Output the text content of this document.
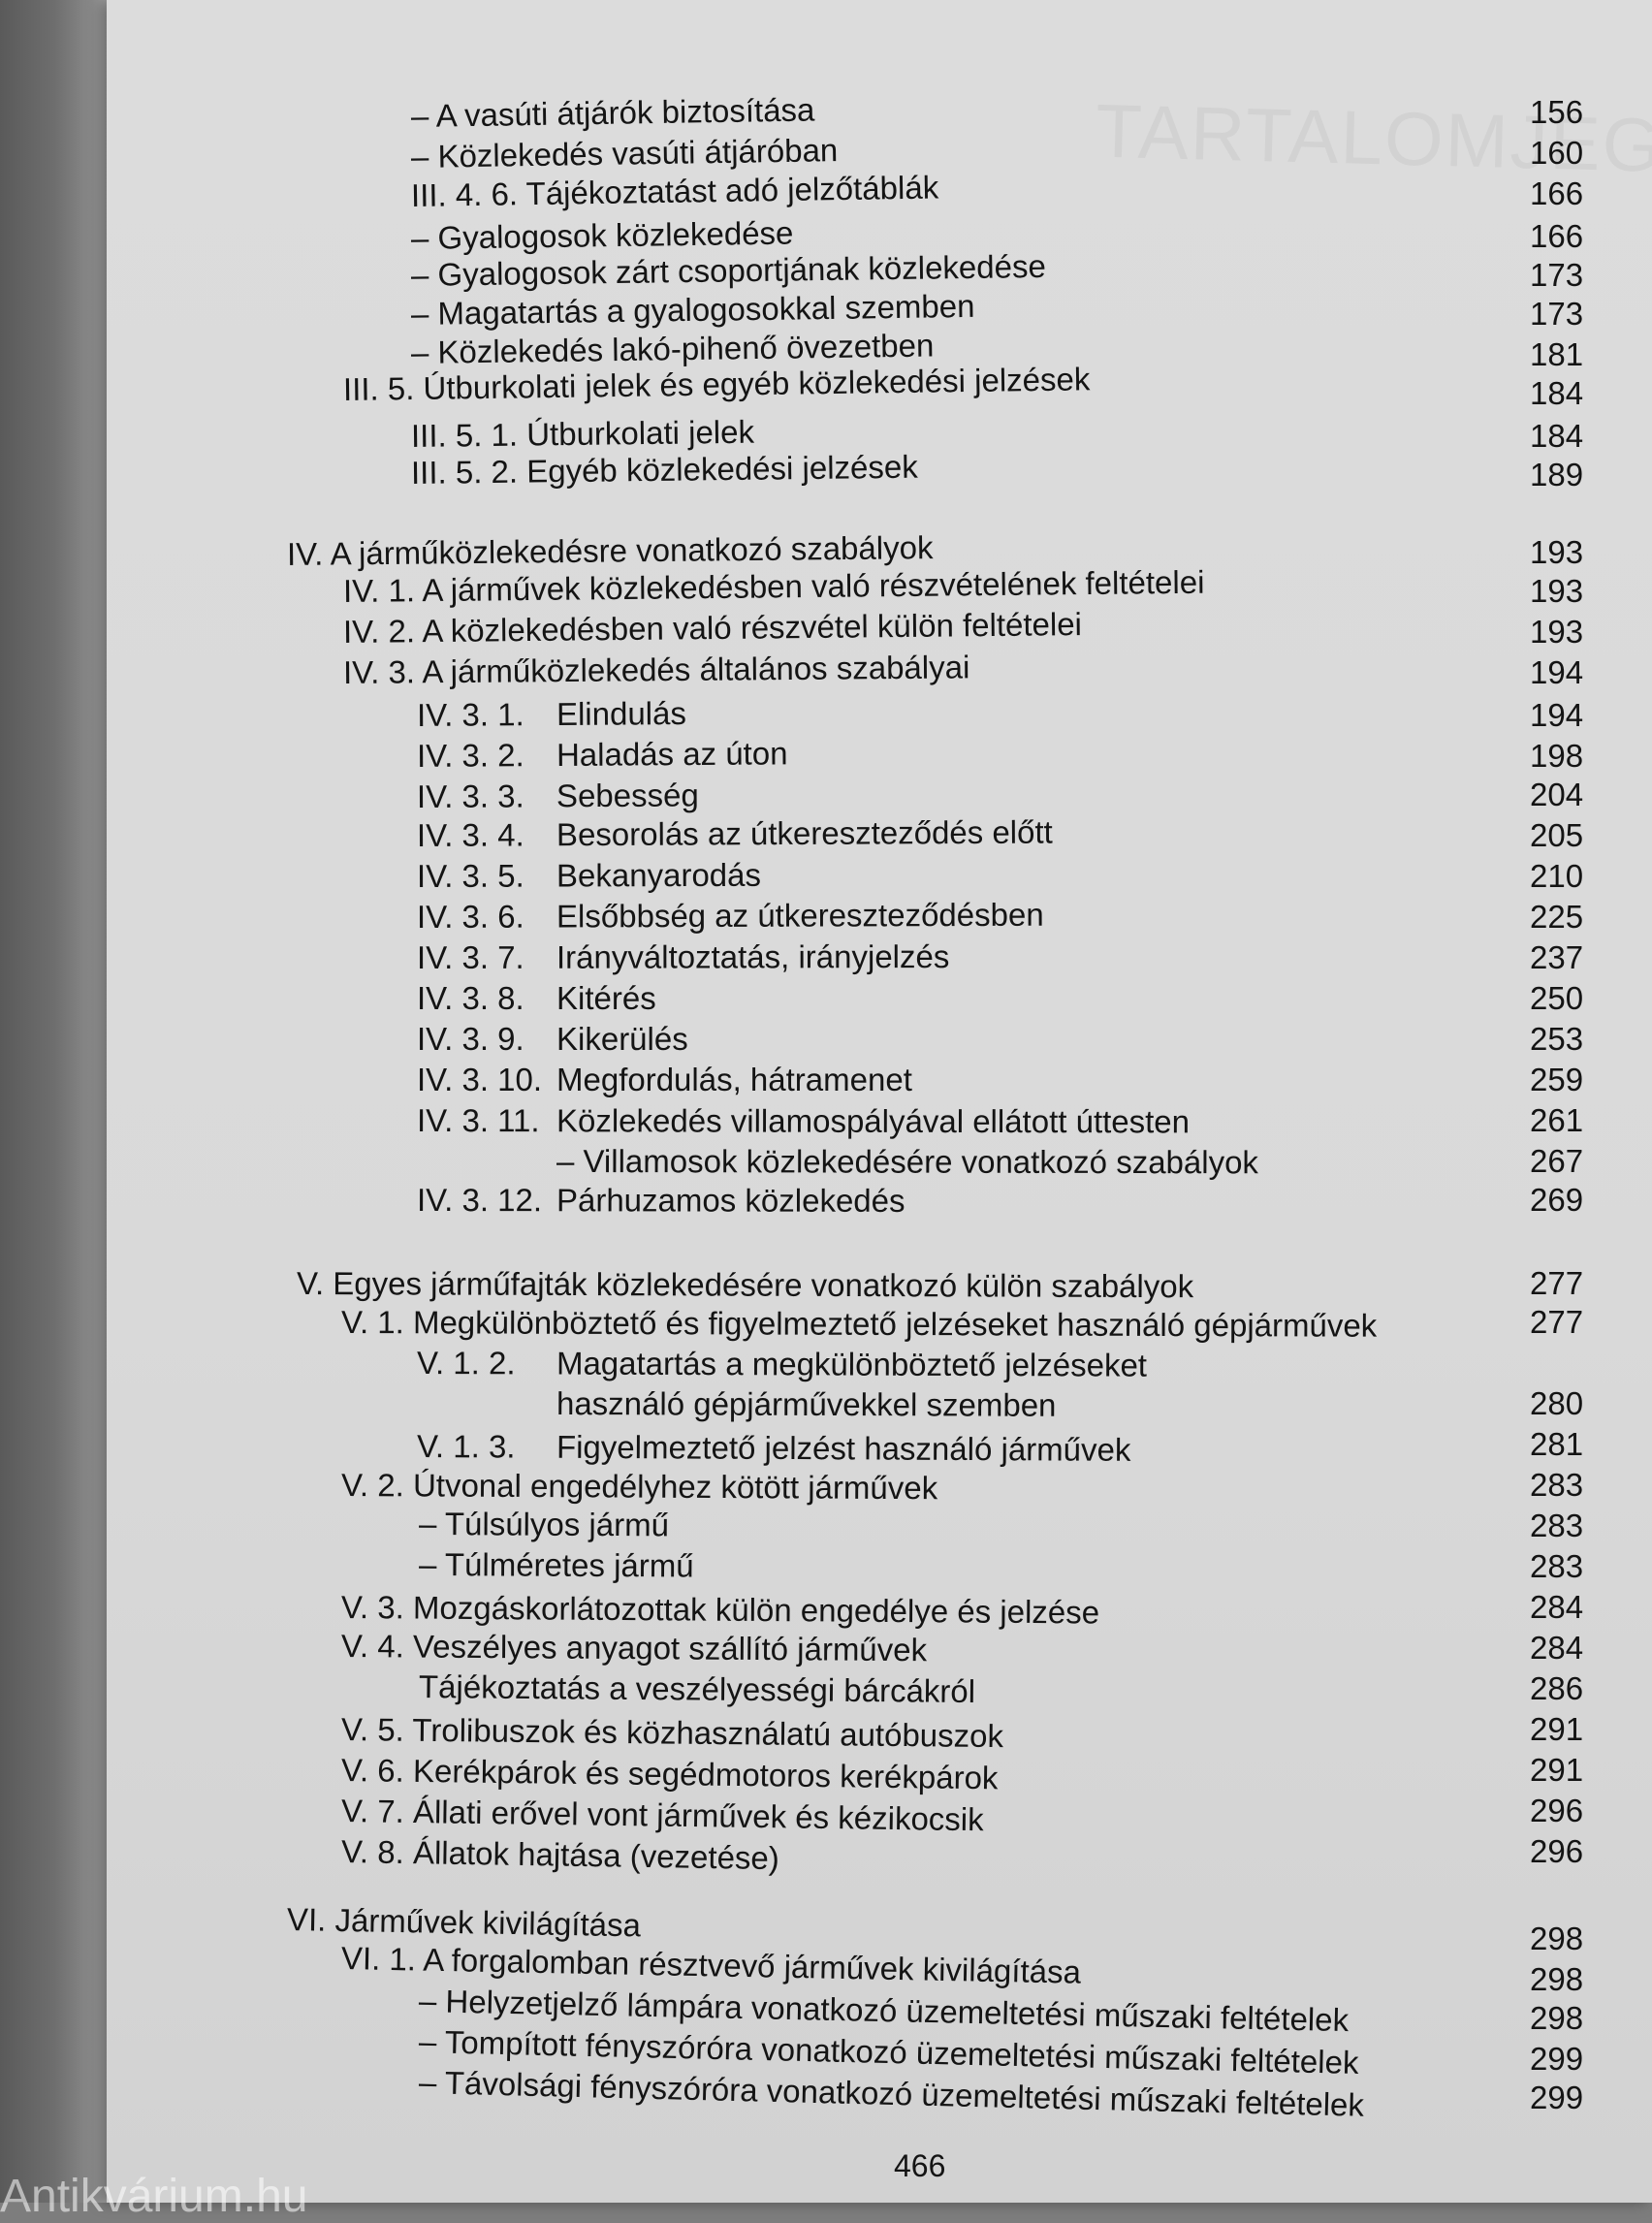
– A vasúti átjárók biztosítása	156
– Közlekedés vasúti átjáróban	160
III. 4. 6. Tájékoztatást adó jelzőtáblák	166
– Gyalogosok közlekedése	166
– Gyalogosok zárt csoportjának közlekedése	173
– Magatartás a gyalogosokkal szemben	173
– Közlekedés lakó-pihenő övezetben	181
III. 5. Útburkolati jelek és egyéb közlekedési jelzések	184
III. 5. 1. Útburkolati jelek	184
III. 5. 2. Egyéb közlekedési jelzések	189
IV. A járműközlekedésre vonatkozó szabályok	193
IV. 1. A járművek közlekedésben való részvételének feltételei	193
IV. 2. A közlekedésben való részvétel külön feltételei	193
IV. 3. A járműközlekedés általános szabályai	194
IV. 3. 1. Elindulás	194
IV. 3. 2. Haladás az úton	198
IV. 3. 3. Sebesség	204
IV. 3. 4. Besorolás az útkereszteződés előtt	205
IV. 3. 5. Bekanyarodás	210
IV. 3. 6. Elsőbbség az útkereszteződésben	225
IV. 3. 7. Irányváltoztatás, irányjelzés	237
IV. 3. 8. Kitérés	250
IV. 3. 9. Kikerülés	253
IV. 3. 10. Megfordulás, hátramenet	259
IV. 3. 11. Közlekedés villamospályával ellátott úttesten	261
– Villamosok közlekedésére vonatkozó szabályok	267
IV. 3. 12. Párhuzamos közlekedés	269
V. Egyes járműfajták közlekedésére vonatkozó külön szabályok	277
V. 1. Megkülönböztető és figyelmeztető jelzéseket használó gépjárművek	277
V. 1. 2. Magatartás a megkülönböztető jelzéseket
használó gépjárművekkel szemben	280
V. 1. 3. Figyelmeztető jelzést használó járművek	281
V. 2. Útvonal engedélyhez kötött járművek	283
– Túlsúlyos jármű	283
– Túlméretes jármű	283
V. 3. Mozgáskorlátozottak külön engedélye és jelzése	284
V. 4. Veszélyes anyagot szállító járművek	284
Tájékoztatás a veszélyességi bárcákról	286
V. 5. Trolibuszok és közhasználatú autóbuszok	291
V. 6. Kerékpárok és segédmotoros kerékpárok	291
V. 7. Állati erővel vont járművek és kézikocsik	296
V. 8. Állatok hajtása (vezetése)	296
VI. Járművek kivilágítása	298
VI. 1. A forgalomban résztvevő járművek kivilágítása	298
– Helyzetjelző lámpára vonatkozó üzemeltetési műszaki feltételek	298
– Tompított fényszóróra vonatkozó üzemeltetési műszaki feltételek	299
– Távolsági fényszóróra vonatkozó üzemeltetési műszaki feltételek	299
466
Antikvárium.hu
